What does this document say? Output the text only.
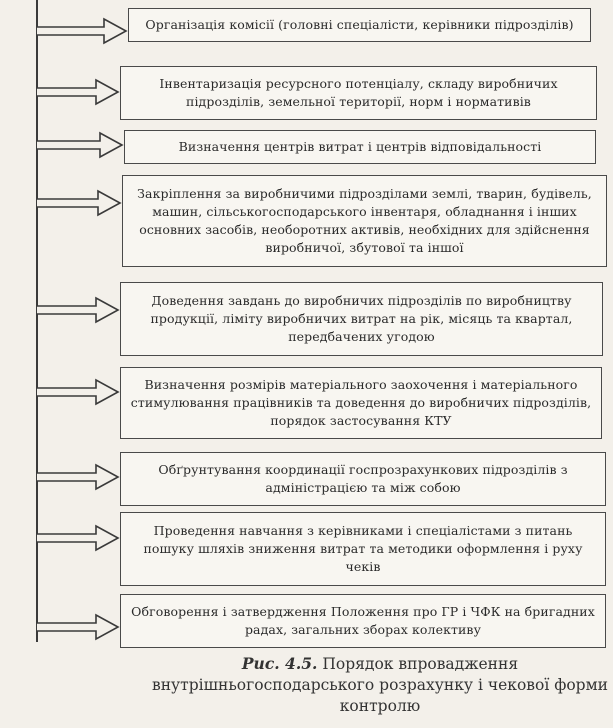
Організація комісії (головні спеціалісти, керівники підрозділів)
Інвентаризація ресурсного потенціалу, складу виробничих підрозділів, земельної території, норм і нормативів
Визначення центрів витрат і центрів відповідальності
Закріплення за виробничими підрозділами землі, тварин, будівель, машин, сільськогосподарського інвентаря, обладнання і інших основних засобів, необоротних активів, необхідних для здійснення виробничої, збутової та іншої
Доведення завдань до виробничих підрозділів по виробництву продукції, ліміту виробничих витрат на рік, місяць та квартал, передбачених угодою
Визначення розмірів матеріального заохочення і матеріального стимулювання працівників та доведення до виробничих підрозділів, порядок застосування КТУ
Обґрунтування координації госпрозрахункових підрозділів з адміністрацією та між собою
Проведення навчання з керівниками і спеціалістами з питань пошуку шляхів зниження витрат та методики оформлення і руху чеків
Обговорення і затвердження Положення про ГР і ЧФК на бригадних радах, загальних зборах колективу
Рис. 4.5. Порядок впровадження внутрішньогосподарського розрахунку і чекової форми контролю
